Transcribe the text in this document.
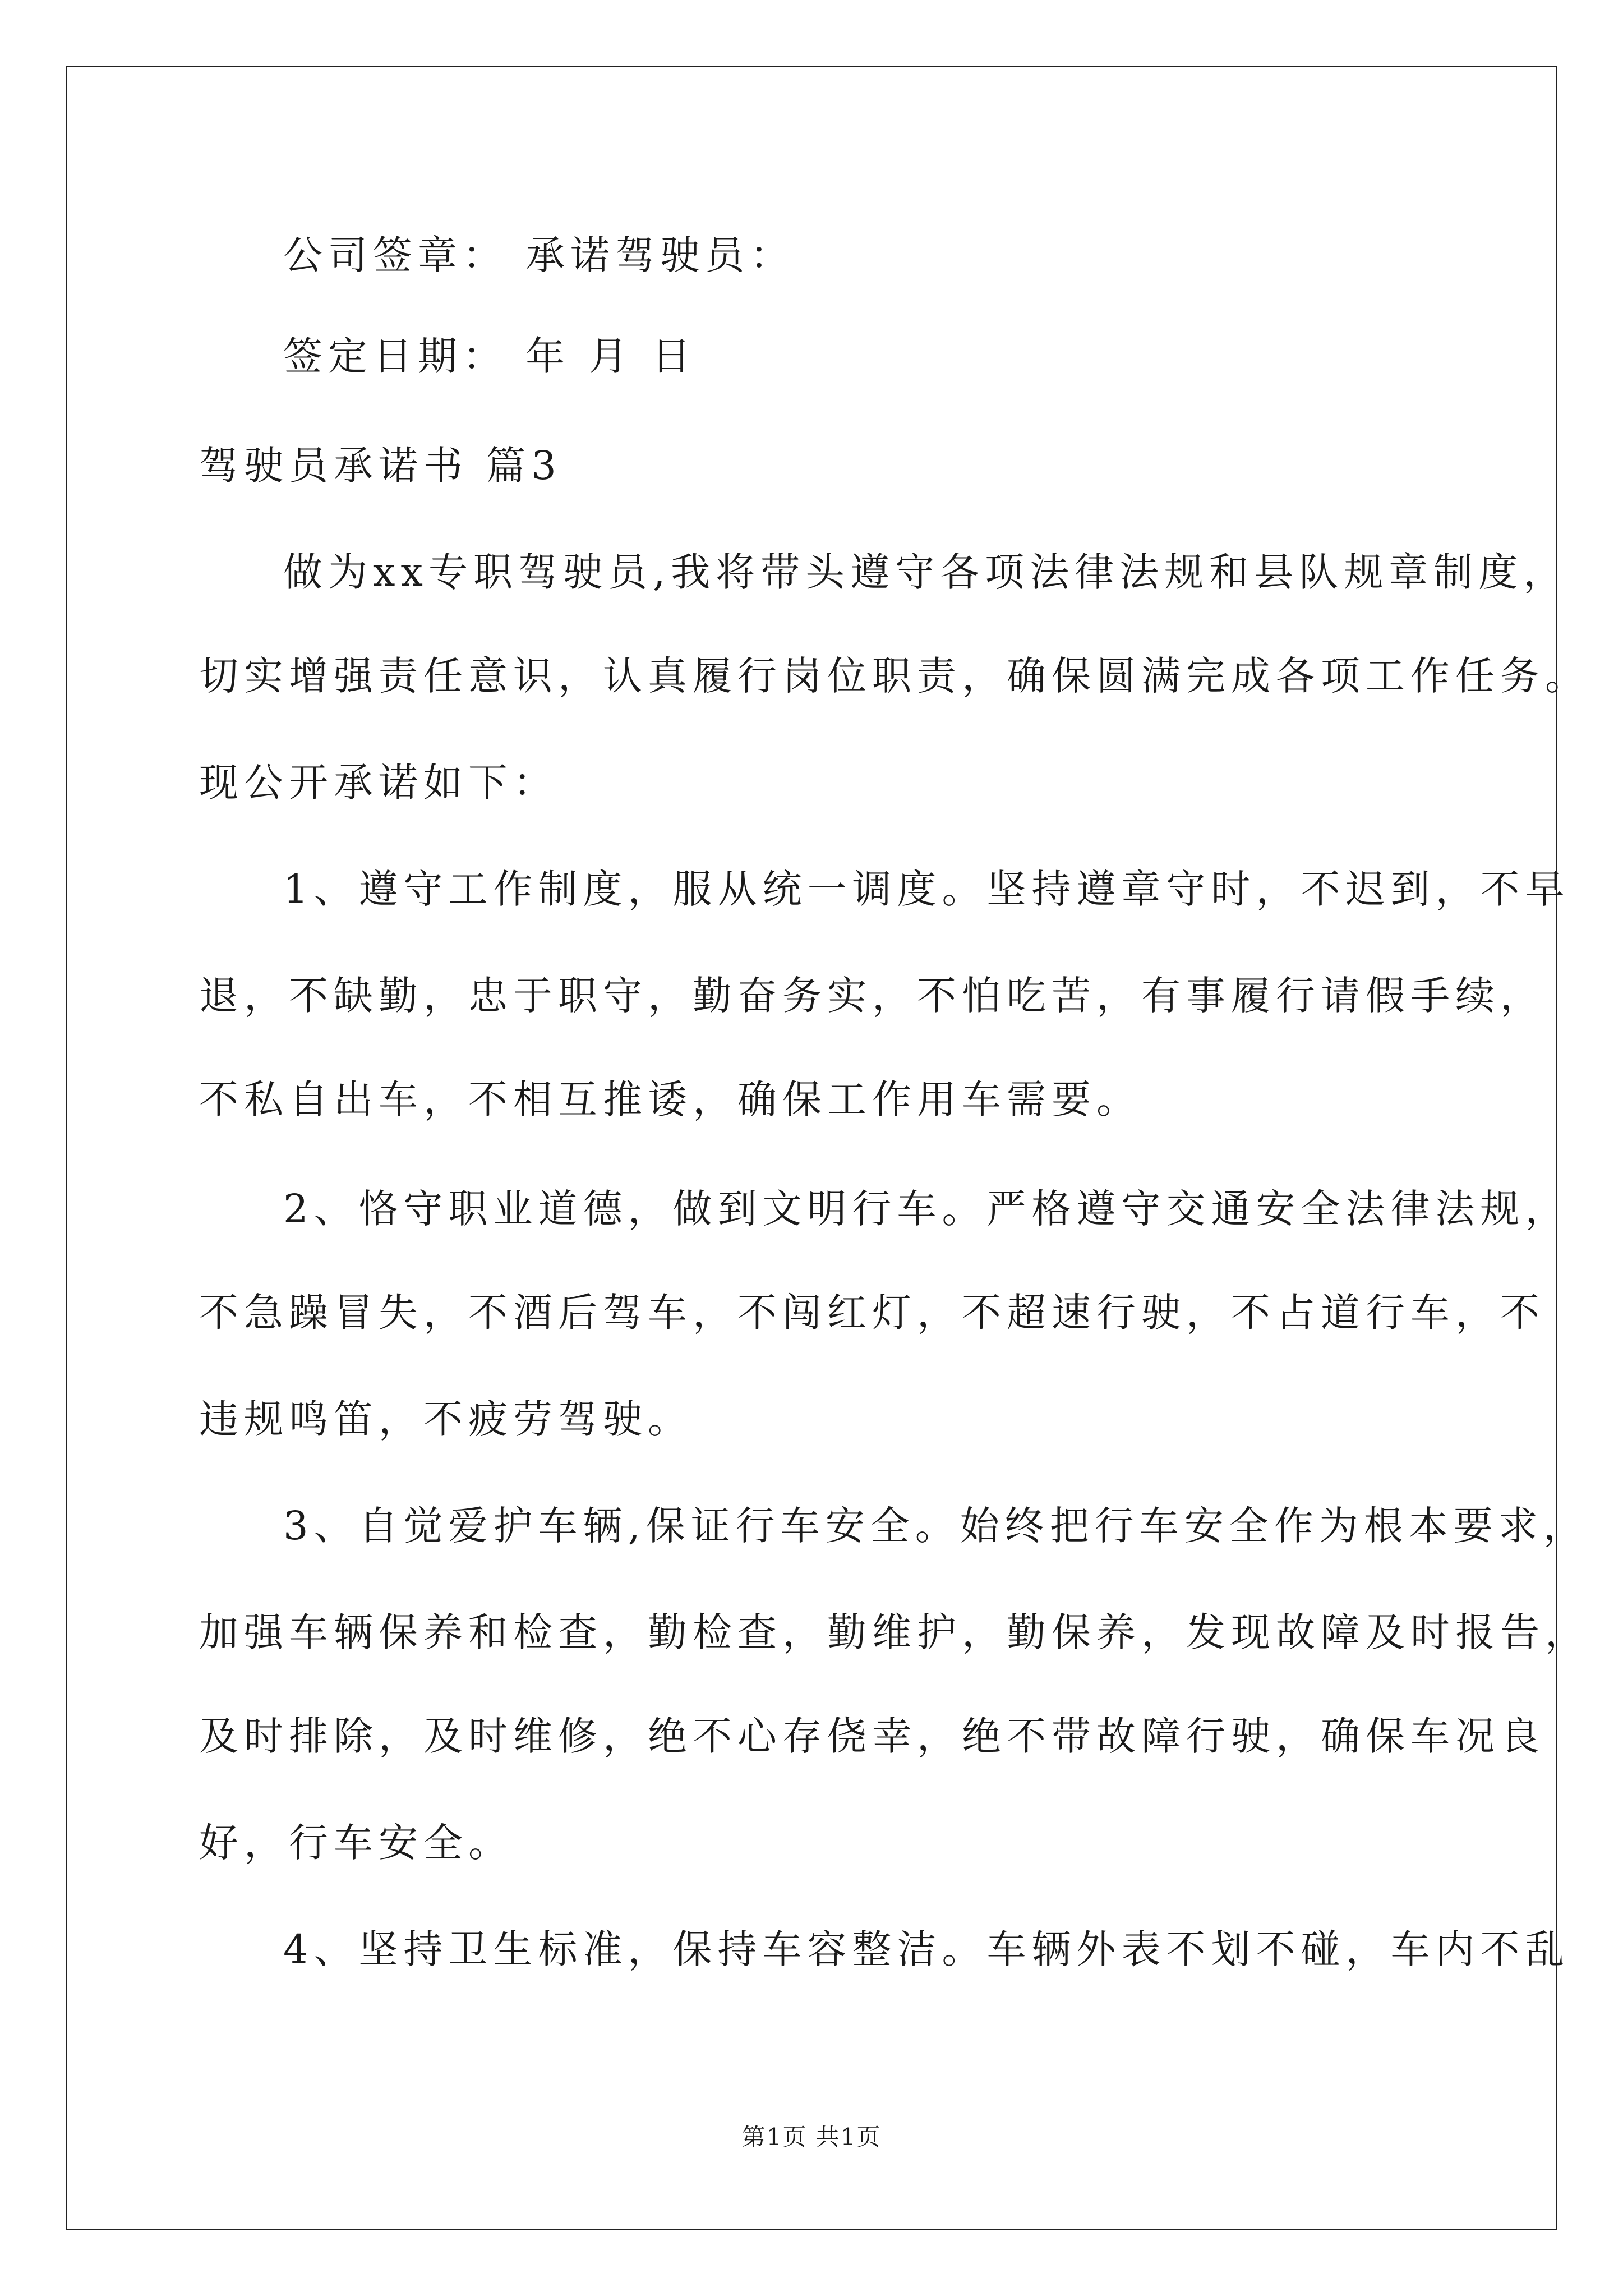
公司签章： 承诺驾驶员：
签定日期： 年 月 日
驾驶员承诺书 篇3
做为xx专职驾驶员,我将带头遵守各项法律法规和县队规章制度，
切实增强责任意识，认真履行岗位职责，确保圆满完成各项工作任务。
现公开承诺如下：
1、遵守工作制度，服从统一调度。坚持遵章守时，不迟到，不早
退，不缺勤，忠于职守，勤奋务实，不怕吃苦，有事履行请假手续，
不私自出车，不相互推诿，确保工作用车需要。
2、恪守职业道德，做到文明行车。严格遵守交通安全法律法规，
不急躁冒失，不酒后驾车，不闯红灯，不超速行驶，不占道行车，不
违规鸣笛，不疲劳驾驶。
3、自觉爱护车辆,保证行车安全。始终把行车安全作为根本要求，
加强车辆保养和检查，勤检查，勤维护，勤保养，发现故障及时报告，
及时排除，及时维修，绝不心存侥幸，绝不带故障行驶，确保车况良
好，行车安全。
4、坚持卫生标准，保持车容整洁。车辆外表不划不碰，车内不乱
第1页 共1页
